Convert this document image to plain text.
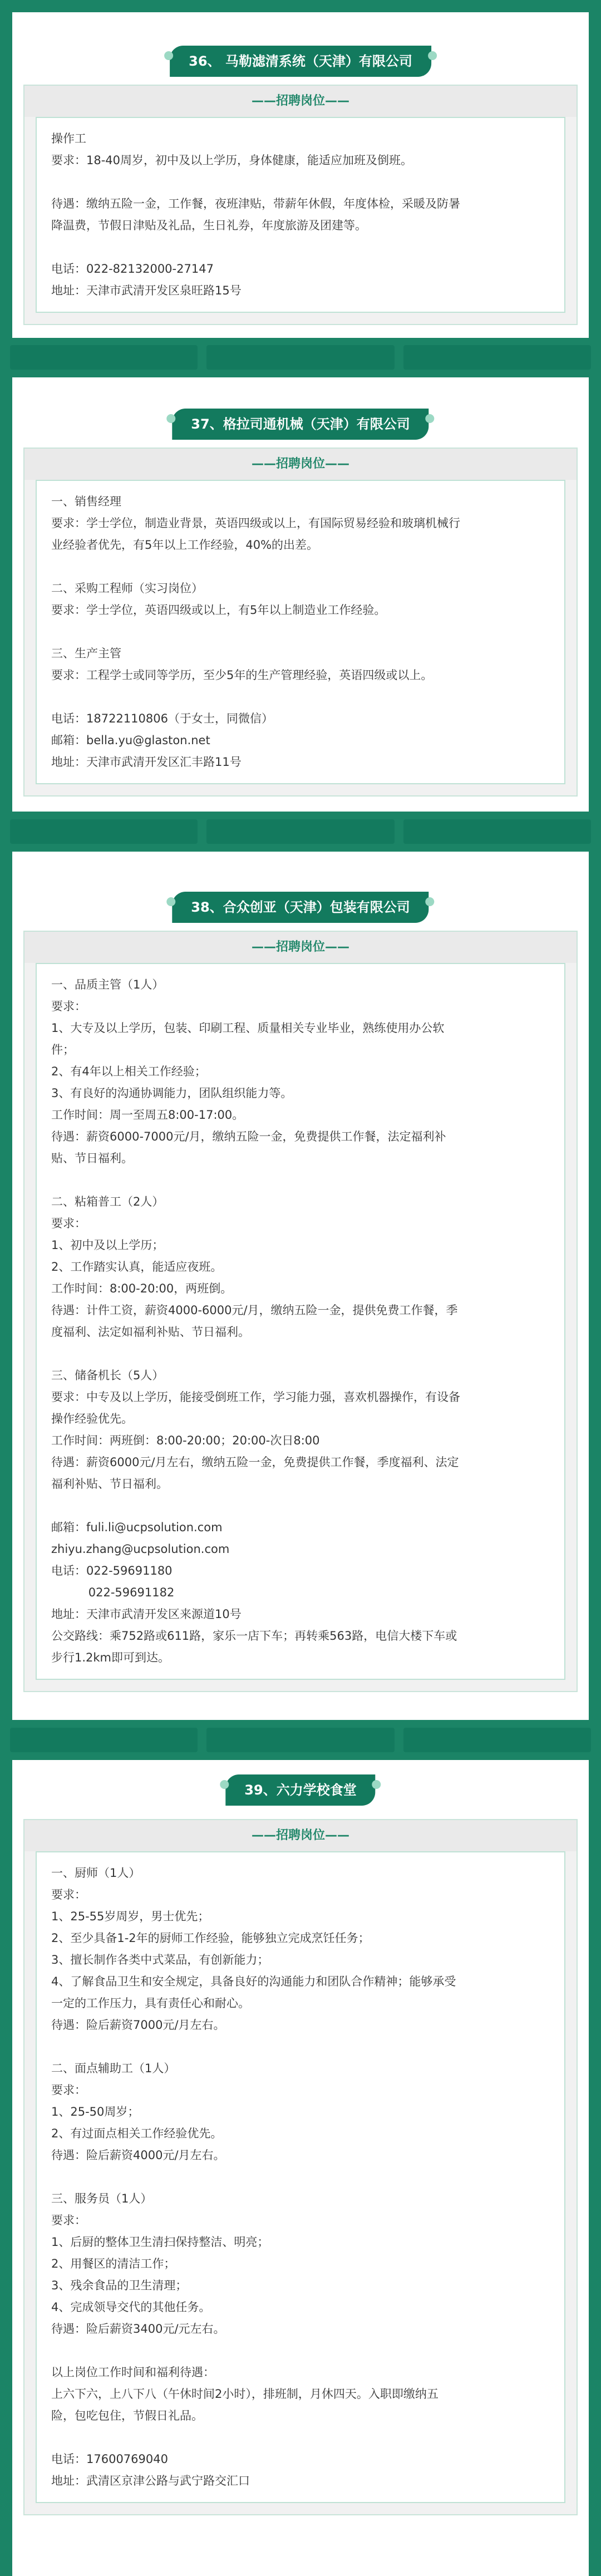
36、 马勒滤清系统（天津）有限公司
——招聘岗位——
操作工
要求：18-40周岁，初中及以上学历，身体健康，能适应加班及倒班。
待遇：缴纳五险一金，工作餐，夜班津贴，带薪年休假，年度体检，采暖及防暑
降温费，节假日津贴及礼品，生日礼券，年度旅游及团建等。
电话：022-82132000-27147
地址：天津市武清开发区泉旺路15号
37、格拉司通机械（天津）有限公司
——招聘岗位——
一、销售经理
要求：学士学位，制造业背景，英语四级或以上，有国际贸易经验和玻璃机械行
业经验者优先，有5年以上工作经验，40%的出差。
二、采购工程师（实习岗位）
要求：学士学位，英语四级或以上，有5年以上制造业工作经验。
三、生产主管
要求：工程学士或同等学历，至少5年的生产管理经验，英语四级或以上。
电话：18722110806（于女士，同微信）
邮箱：bella.yu@glaston.net
地址：天津市武清开发区汇丰路11号
38、合众创亚（天津）包装有限公司
——招聘岗位——
一、品质主管（1人）
要求：
1、大专及以上学历，包装、印刷工程、质量相关专业毕业，熟练使用办公软
件；
2、有4年以上相关工作经验；
3、有良好的沟通协调能力，团队组织能力等。
工作时间：周一至周五8:00-17:00。
待遇：薪资6000-7000元/月，缴纳五险一金，免费提供工作餐，法定福利补
贴、节日福利。
二、粘箱普工（2人）
要求：
1、初中及以上学历；
2、工作踏实认真，能适应夜班。
工作时间：8:00-20:00，两班倒。
待遇：计件工资，薪资4000-6000元/月，缴纳五险一金，提供免费工作餐，季
度福利、法定如福利补贴、节日福利。
三、储备机长（5人）
要求：中专及以上学历，能接受倒班工作，学习能力强，喜欢机器操作，有设备
操作经验优先。
工作时间：两班倒：8:00-20:00；20:00-次日8:00
待遇：薪资6000元/月左右，缴纳五险一金，免费提供工作餐，季度福利、法定
福利补贴、节日福利。
邮箱：fuli.li@ucpsolution.com
zhiyu.zhang@ucpsolution.com
电话：022-59691180
022-59691182
地址：天津市武清开发区来源道10号
公交路线：乘752路或611路，家乐一店下车；再转乘563路，电信大楼下车或
步行1.2km即可到达。
39、六力学校食堂
——招聘岗位——
一、厨师（1人）
要求：
1、25-55岁周岁，男士优先；
2、至少具备1-2年的厨师工作经验，能够独立完成烹饪任务；
3、擅长制作各类中式菜品，有创新能力；
4、了解食品卫生和安全规定，具备良好的沟通能力和团队合作精神；能够承受
一定的工作压力，具有责任心和耐心。
待遇：险后薪资7000元/月左右。
二、面点辅助工（1人）
要求：
1、25-50周岁；
2、有过面点相关工作经验优先。
待遇：险后薪资4000元/月左右。
三、服务员（1人）
要求：
1、后厨的整体卫生清扫保持整洁、明亮；
2、用餐区的清洁工作；
3、残余食品的卫生清理；
4、完成领导交代的其他任务。
待遇：险后薪资3400元/元左右。
以上岗位工作时间和福利待遇：
上六下六，上八下八（午休时间2小时），排班制，月休四天。入职即缴纳五
险，包吃包住，节假日礼品。
电话：17600769040
地址：武清区京津公路与武宁路交汇口
